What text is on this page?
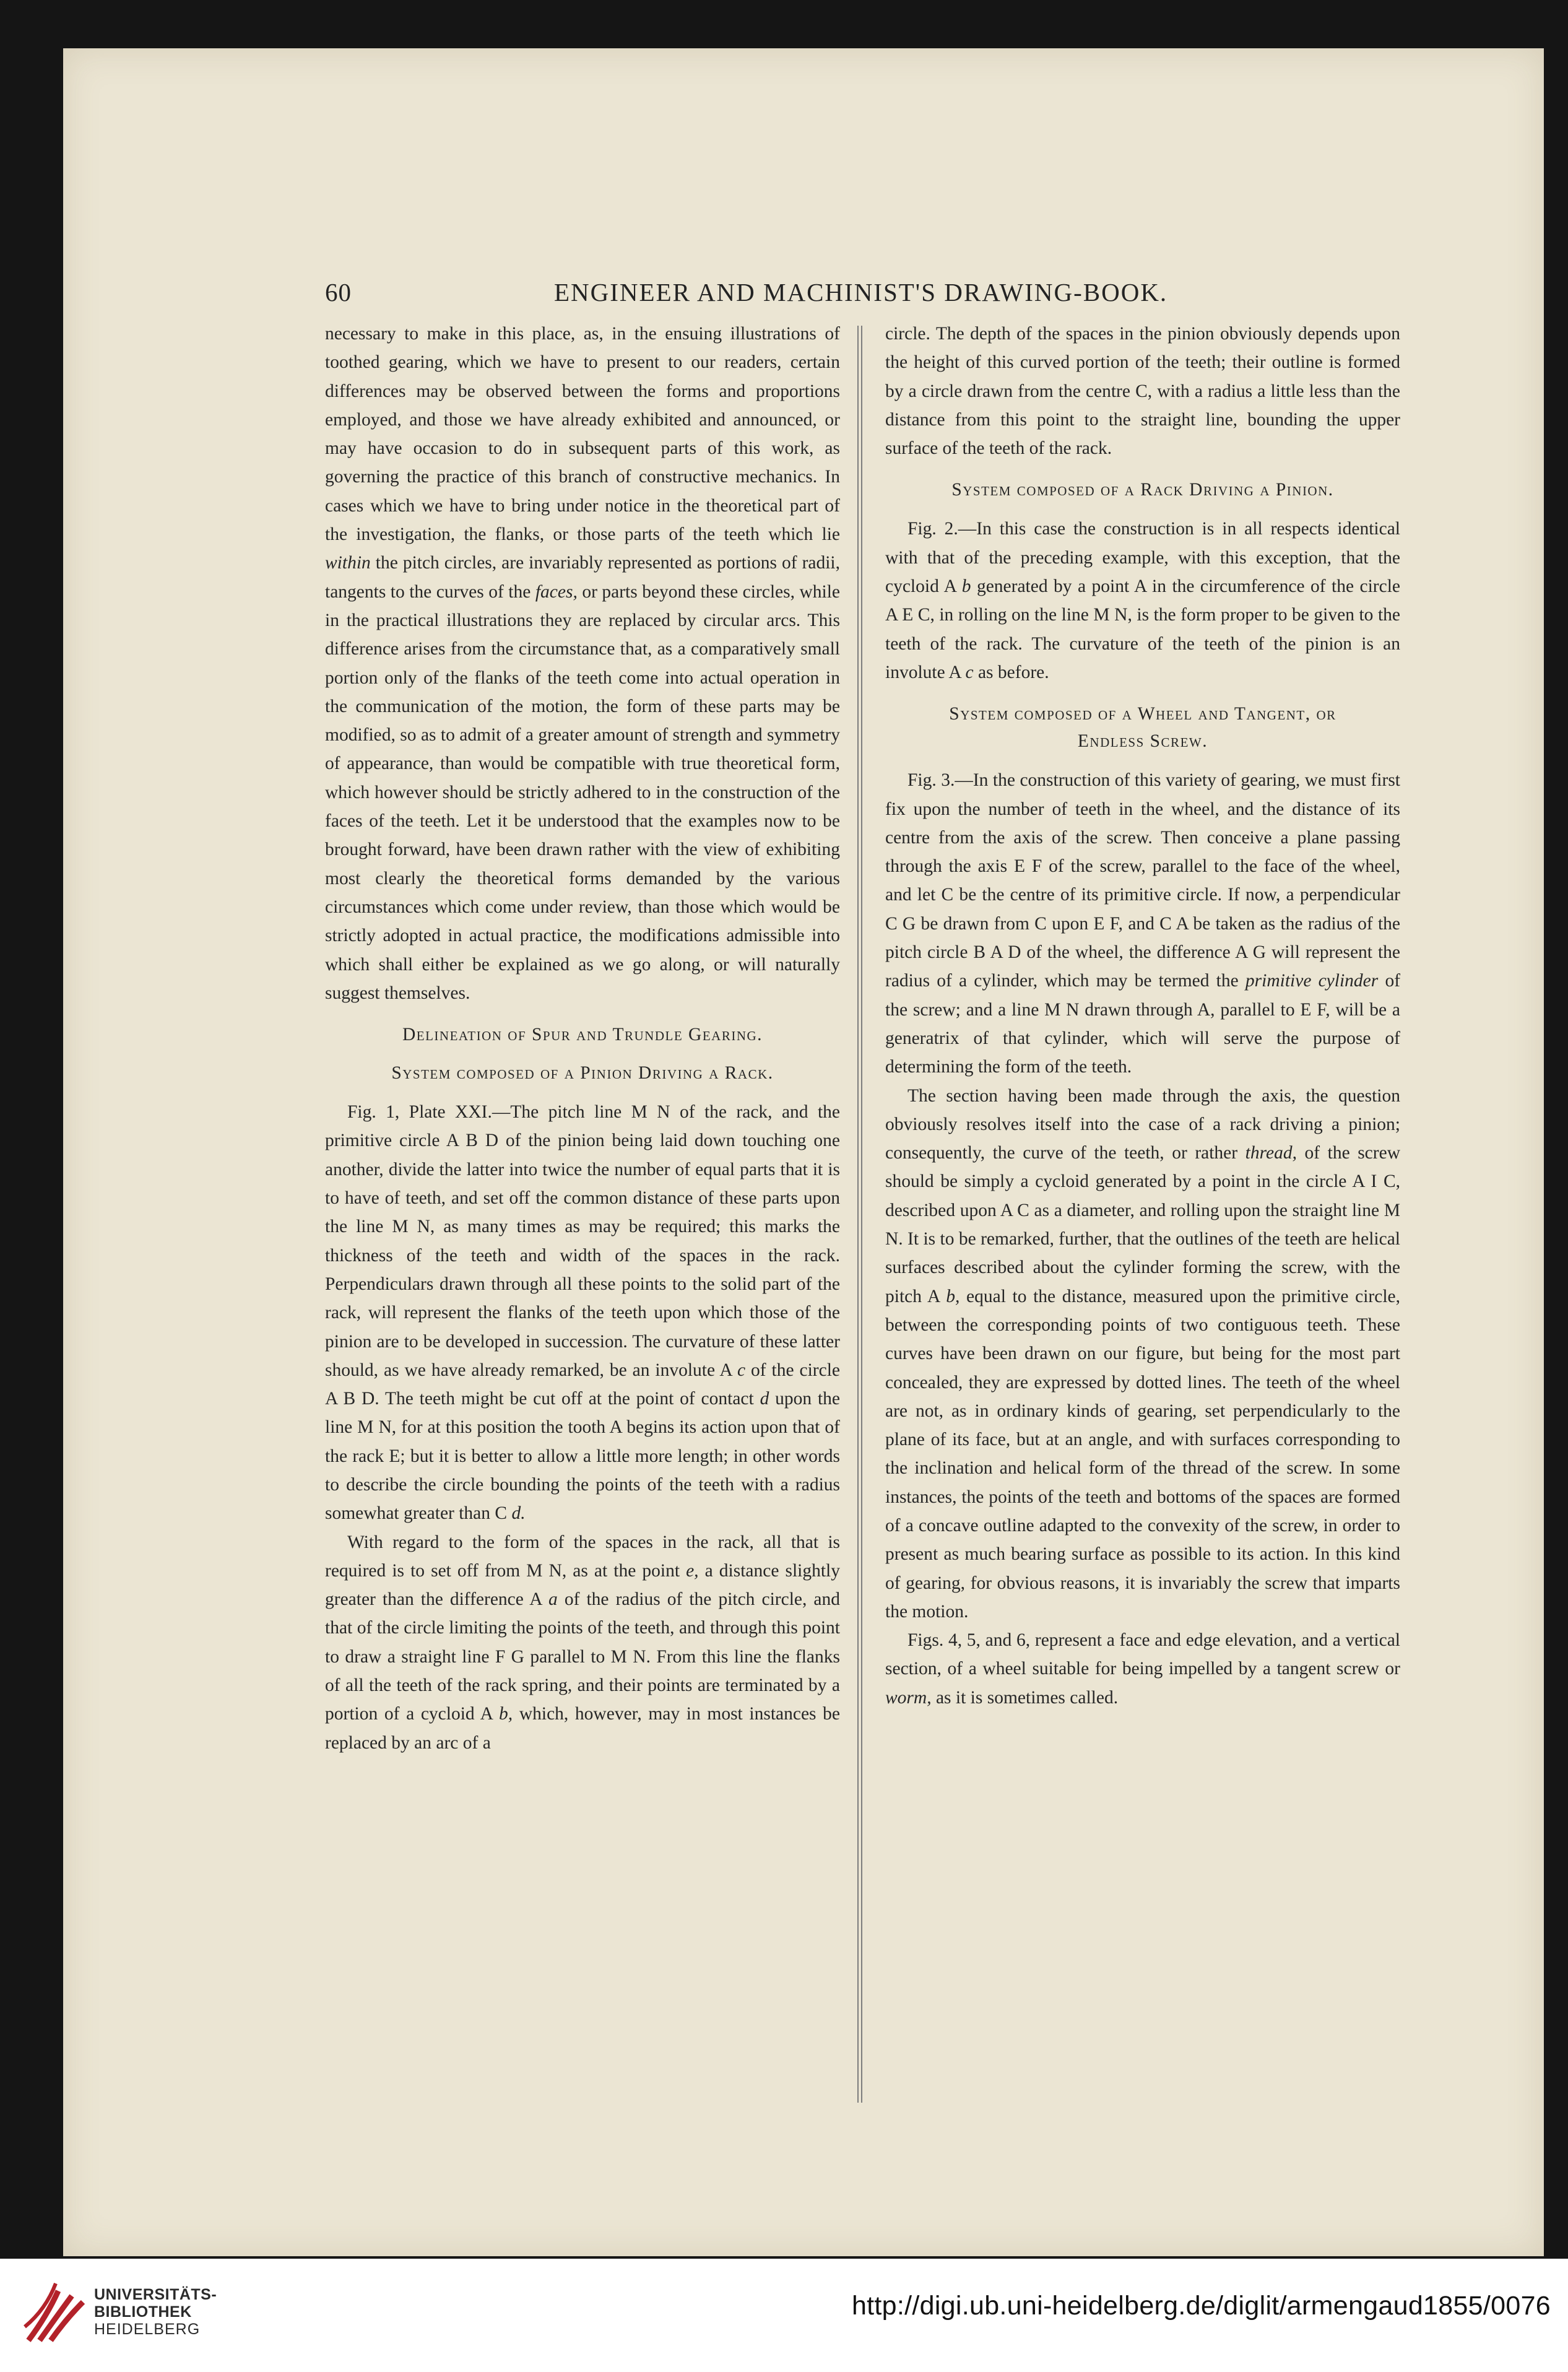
60	ENGINEER AND MACHINIST'S DRAWING-BOOK.

necessary to make in this place, as, in the ensuing illustrations of toothed gearing, which we have to present to our readers, certain differences may be observed between the forms and proportions employed, and those we have already exhibited and announced, or may have occasion to do in subsequent parts of this work, as governing the practice of this branch of constructive mechanics. In cases which we have to bring under notice in the theoretical part of the investigation, the flanks, or those parts of the teeth which lie within the pitch circles, are invariably represented as portions of radii, tangents to the curves of the faces, or parts beyond these circles, while in the practical illustrations they are replaced by circular arcs. This difference arises from the circumstance that, as a comparatively small portion only of the flanks of the teeth come into actual operation in the communication of the motion, the form of these parts may be modified, so as to admit of a greater amount of strength and symmetry of appearance, than would be compatible with true theoretical form, which however should be strictly adhered to in the construction of the faces of the teeth. Let it be understood that the examples now to be brought forward, have been drawn rather with the view of exhibiting most clearly the theoretical forms demanded by the various circumstances which come under review, than those which would be strictly adopted in actual practice, the modifications admissible into which shall either be explained as we go along, or will naturally suggest themselves.

Delineation of Spur and Trundle Gearing.

System composed of a Pinion Driving a Rack.

Fig. 1, Plate XXI.—The pitch line M N of the rack, and the primitive circle A B D of the pinion being laid down touching one another, divide the latter into twice the number of equal parts that it is to have of teeth, and set off the common distance of these parts upon the line M N, as many times as may be required; this marks the thickness of the teeth and width of the spaces in the rack. Perpendiculars drawn through all these points to the solid part of the rack, will represent the flanks of the teeth upon which those of the pinion are to be developed in succession. The curvature of these latter should, as we have already remarked, be an involute A c of the circle A B D. The teeth might be cut off at the point of contact d upon the line M N, for at this position the tooth A begins its action upon that of the rack E; but it is better to allow a little more length; in other words to describe the circle bounding the points of the teeth with a radius somewhat greater than C d.

With regard to the form of the spaces in the rack, all that is required is to set off from M N, as at the point e, a distance slightly greater than the difference A a of the radius of the pitch circle, and that of the circle limiting the points of the teeth, and through this point to draw a straight line F G parallel to M N. From this line the flanks of all the teeth of the rack spring, and their points are terminated by a portion of a cycloid A b, which, however, may in most instances be replaced by an arc of a

circle. The depth of the spaces in the pinion obviously depends upon the height of this curved portion of the teeth; their outline is formed by a circle drawn from the centre C, with a radius a little less than the distance from this point to the straight line, bounding the upper surface of the teeth of the rack.

System composed of a Rack Driving a Pinion.

Fig. 2.—In this case the construction is in all respects identical with that of the preceding example, with this exception, that the cycloid A b generated by a point A in the circumference of the circle A E C, in rolling on the line M N, is the form proper to be given to the teeth of the rack. The curvature of the teeth of the pinion is an involute A c as before.

System composed of a Wheel and Tangent, or

Endless Screw.

Fig. 3.—In the construction of this variety of gearing, we must first fix upon the number of teeth in the wheel, and the distance of its centre from the axis of the screw. Then conceive a plane passing through the axis E F of the screw, parallel to the face of the wheel, and let C be the centre of its primitive circle. If now, a perpendicular C G be drawn from C upon E F, and C A be taken as the radius of the pitch circle B A D of the wheel, the difference A G will represent the radius of a cylinder, which may be termed the primitive cylinder of the screw; and a line M N drawn through A, parallel to E F, will be a generatrix of that cylinder, which will serve the purpose of determining the form of the teeth.

The section having been made through the axis, the question obviously resolves itself into the case of a rack driving a pinion; consequently, the curve of the teeth, or rather thread, of the screw should be simply a cycloid generated by a point in the circle A I C, described upon A C as a diameter, and rolling upon the straight line M N. It is to be remarked, further, that the outlines of the teeth are helical surfaces described about the cylinder forming the screw, with the pitch A b, equal to the distance, measured upon the primitive circle, between the corresponding points of two contiguous teeth. These curves have been drawn on our figure, but being for the most part concealed, they are expressed by dotted lines. The teeth of the wheel are not, as in ordinary kinds of gearing, set perpendicularly to the plane of its face, but at an angle, and with surfaces corresponding to the inclination and helical form of the thread of the screw. In some instances, the points of the teeth and bottoms of the spaces are formed of a concave outline adapted to the convexity of the screw, in order to present as much bearing surface as possible to its action. In this kind of gearing, for obvious reasons, it is invariably the screw that imparts the motion.

Figs. 4, 5, and 6, represent a face and edge elevation, and a vertical section, of a wheel suitable for being impelled by a tangent screw or worm, as it is sometimes called.

UNIVERSITÄTS-
BIBLIOTHEK
HEIDELBERG
http://digi.ub.uni-heidelberg.de/diglit/armengaud1855/0076
